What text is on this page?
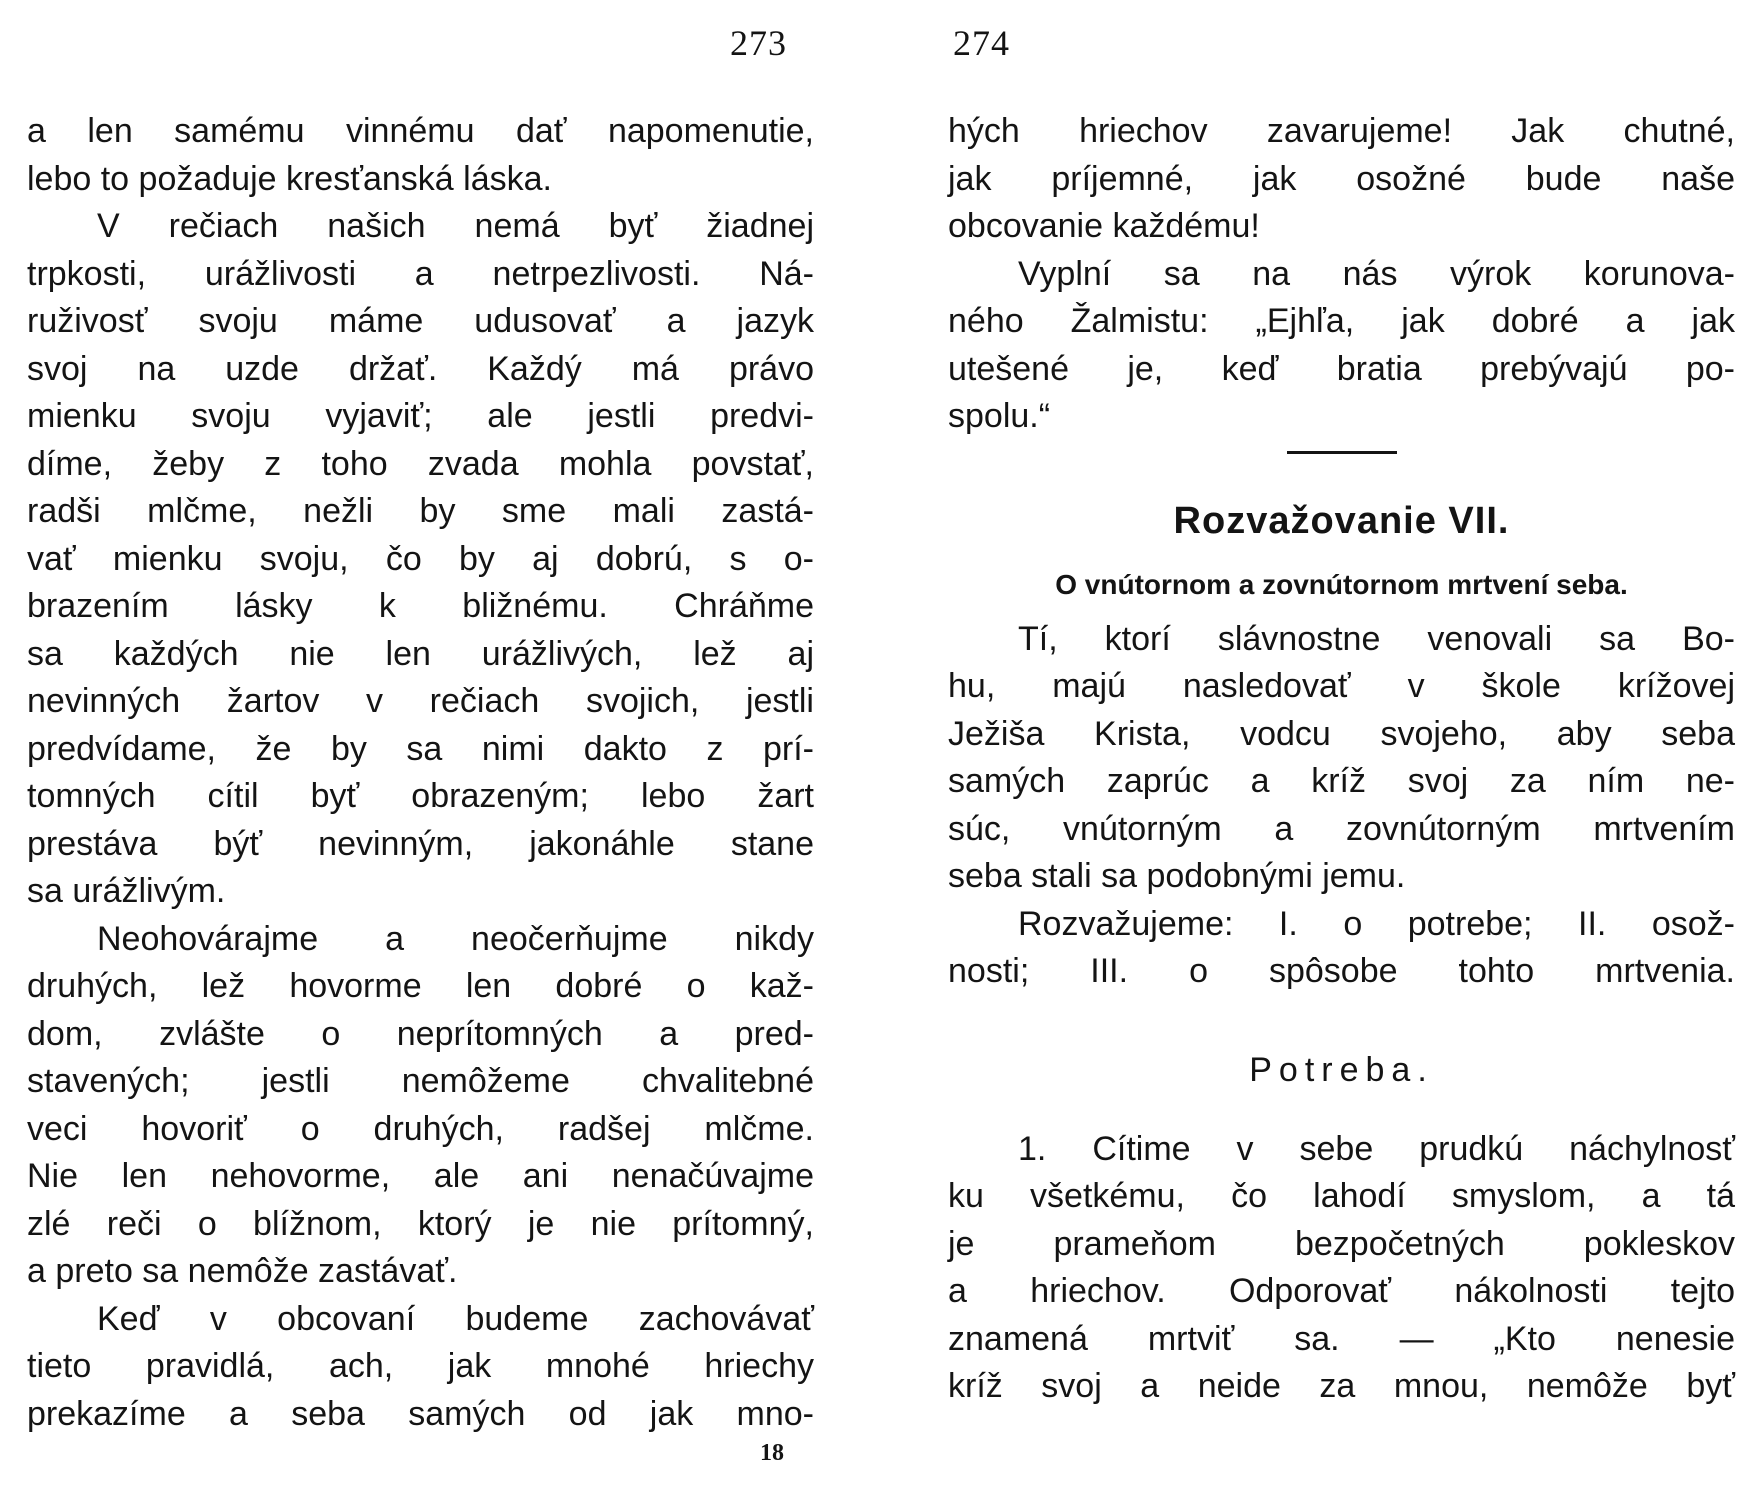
273
a len samému vinnému dať napomenutie,
lebo to požaduje kresťanská láska.
V rečiach našich nemá byť žiadnej
trpkosti, urážlivosti a netrpezlivosti. Ná-
ruživosť svoju máme udusovať a jazyk
svoj na uzde držať. Každý má právo
mienku svoju vyjaviť; ale jestli predvi-
díme, žeby z toho zvada mohla povstať,
radši mlčme, nežli by sme mali zastá-
vať mienku svoju, čo by aj dobrú, s o-
brazením lásky k bližnému. Chráňme
sa každých nie len urážlivých, lež aj
nevinných žartov v rečiach svojich, jestli
predvídame, že by sa nimi dakto z prí-
tomných cítil byť obrazeným; lebo žart
prestáva býť nevinným, jakonáhle stane
sa urážlivým.
Neohovárajme a neočerňujme nikdy
druhých, lež hovorme len dobré o kaž-
dom, zvlášte o neprítomných a pred-
stavených; jestli nemôžeme chvalitebné
veci hovoriť o druhých, radšej mlčme.
Nie len nehovorme, ale ani nenačúvajme
zlé reči o blížnom, ktorý je nie prítomný,
a preto sa nemôže zastávať.
Keď v obcovaní budeme zachovávať
tieto pravidlá, ach, jak mnohé hriechy
prekazíme a seba samých od jak mno-
18
274
hých hriechov zavarujeme! Jak chutné,
jak príjemné, jak osožné bude naše
obcovanie každému!
Vyplní sa na nás výrok korunova-
ného Žalmistu: „Ejhľa, jak dobré a jak
utešené je, keď bratia prebývajú po-
spolu.“
Rozvažovanie VII.
O vnútornom a zovnútornom mrtvení seba.
Tí, ktorí slávnostne venovali sa Bo-
hu, majú nasledovať v škole krížovej
Ježiša Krista, vodcu svojeho, aby seba
samých zaprúc a kríž svoj za ním ne-
súc, vnútorným a zovnútorným mrtvením
seba stali sa podobnými jemu.
Rozvažujeme: I. o potrebe; II. osož-
nosti; III. o spôsobe tohto mrtvenia.
Potreba.
1. Cítime v sebe prudkú náchylnosť
ku všetkému, čo lahodí smyslom, a tá
je prameňom bezpočetných pokleskov
a hriechov. Odporovať nákolnosti tejto
znamená mrtviť sa. — „Kto nenesie
kríž svoj a neide za mnou, nemôže byť
